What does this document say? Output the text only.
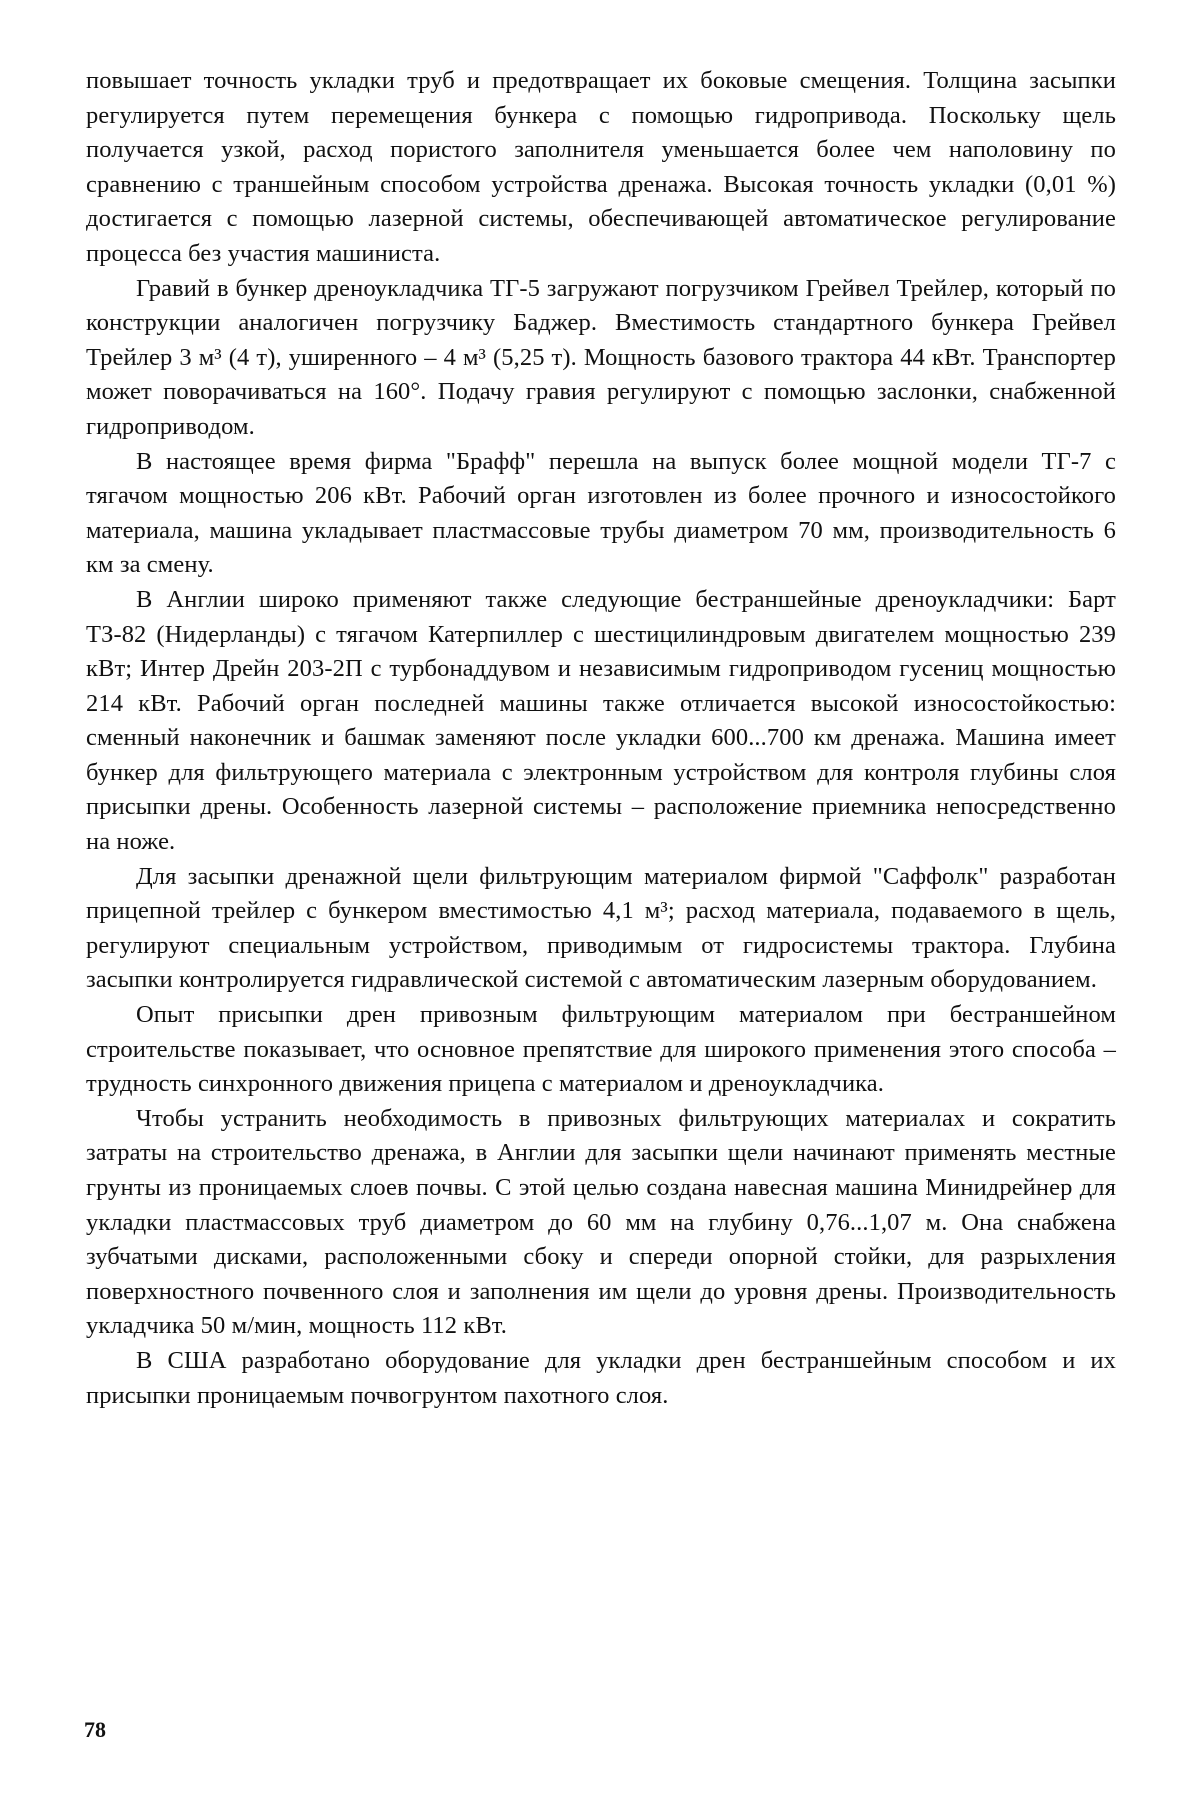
повышает точность укладки труб и предотвращает их боковые смещения. Толщина засыпки регулируется путем перемещения бункера с помощью гидропривода. Поскольку щель получается узкой, расход пористого заполнителя уменьшается более чем наполовину по сравнению с траншейным способом устройства дренажа. Высокая точность укладки (0,01 %) достигается с помощью лазерной системы, обеспечивающей автоматическое регулирование процесса без участия машиниста.

Гравий в бункер дреноукладчика ТГ-5 загружают погрузчиком Грейвел Трейлер, который по конструкции аналогичен погрузчику Баджер. Вместимость стандартного бункера Грейвел Трейлер 3 м³ (4 т), уширенного – 4 м³ (5,25 т). Мощность базового трактора 44 кВт. Транспортер может поворачиваться на 160°. Подачу гравия регулируют с помощью заслонки, снабженной гидроприводом.

В настоящее время фирма "Брафф" перешла на выпуск более мощной модели ТГ-7 с тягачом мощностью 206 кВт. Рабочий орган изготовлен из более прочного и износостойкого материала, машина укладывает пластмассовые трубы диаметром 70 мм, производительность 6 км за смену.

В Англии широко применяют также следующие бестраншейные дреноукладчики: Барт ТЗ-82 (Нидерланды) с тягачом Катерпиллер с шестицилиндровым двигателем мощностью 239 кВт; Интер Дрейн 203-2П с турбонаддувом и независимым гидроприводом гусениц мощностью 214 кВт. Рабочий орган последней машины также отличается высокой износостойкостью: сменный наконечник и башмак заменяют после укладки 600...700 км дренажа. Машина имеет бункер для фильтрующего материала с электронным устройством для контроля глубины слоя присыпки дрены. Особенность лазерной системы – расположение приемника непосредственно на ноже.

Для засыпки дренажной щели фильтрующим материалом фирмой "Саффолк" разработан прицепной трейлер с бункером вместимостью 4,1 м³; расход материала, подаваемого в щель, регулируют специальным устройством, приводимым от гидросистемы трактора. Глубина засыпки контролируется гидравлической системой с автоматическим лазерным оборудованием.

Опыт присыпки дрен привозным фильтрующим материалом при бестраншейном строительстве показывает, что основное препятствие для широкого применения этого способа – трудность синхронного движения прицепа с материалом и дреноукладчика.

Чтобы устранить необходимость в привозных фильтрующих материалах и сократить затраты на строительство дренажа, в Англии для засыпки щели начинают применять местные грунты из проницаемых слоев почвы. С этой целью создана навесная машина Минидрейнер для укладки пластмассовых труб диаметром до 60 мм на глубину 0,76...1,07 м. Она снабжена зубчатыми дисками, расположенными сбоку и спереди опорной стойки, для разрыхления поверхностного почвенного слоя и заполнения им щели до уровня дрены. Производительность укладчика 50 м/мин, мощность 112 кВт.

В США разработано оборудование для укладки дрен бестраншейным способом и их присыпки проницаемым почвогрунтом пахотного слоя.

78
